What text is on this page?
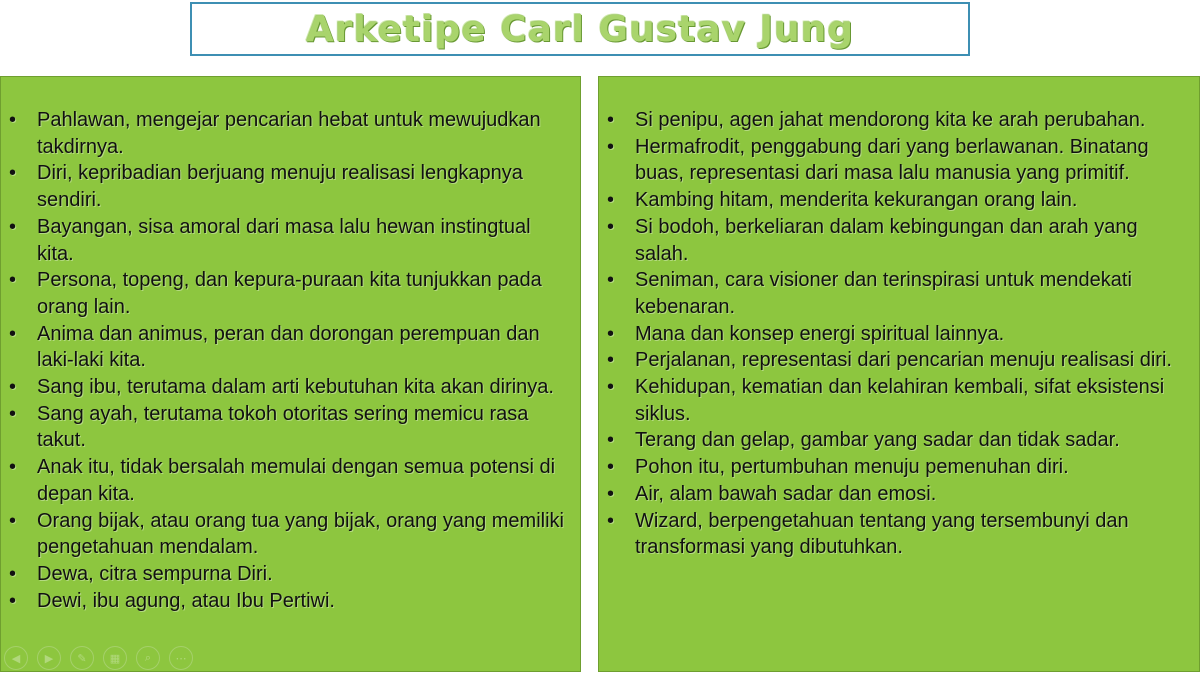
Arketipe Carl Gustav Jung
• Pahlawan, mengejar pencarian hebat untuk mewujudkan takdirnya.
• Diri, kepribadian berjuang menuju realisasi lengkapnya sendiri.
• Bayangan, sisa amoral dari masa lalu hewan instingtual kita.
• Persona, topeng, dan kepura-puraan kita tunjukkan pada orang lain.
• Anima dan animus, peran dan dorongan perempuan dan laki-laki kita.
• Sang ibu, terutama dalam arti kebutuhan kita akan dirinya.
• Sang ayah, terutama tokoh otoritas sering memicu rasa takut.
• Anak itu, tidak bersalah memulai dengan semua potensi di depan kita.
• Orang bijak, atau orang tua yang bijak, orang yang memiliki pengetahuan mendalam.
• Dewa, citra sempurna Diri.
• Dewi, ibu agung, atau Ibu Pertiwi.
• Si penipu, agen jahat mendorong kita ke arah perubahan.
• Hermafrodit, penggabung dari yang berlawanan. Binatang buas, representasi dari masa lalu manusia yang primitif.
• Kambing hitam, menderita kekurangan orang lain.
• Si bodoh, berkeliaran dalam kebingungan dan arah yang salah.
• Seniman, cara visioner dan terinspirasi untuk mendekati kebenaran.
• Mana dan konsep energi spiritual lainnya.
• Perjalanan, representasi dari pencarian menuju realisasi diri.
• Kehidupan, kematian dan kelahiran kembali, sifat eksistensi siklus.
• Terang dan gelap, gambar yang sadar dan tidak sadar.
• Pohon itu, pertumbuhan menuju pemenuhan diri.
• Air, alam bawah sadar dan emosi.
• Wizard, berpengetahuan tentang yang tersembunyi dan transformasi yang dibutuhkan.
◀	▶	✎	▦	⌕	⋯
